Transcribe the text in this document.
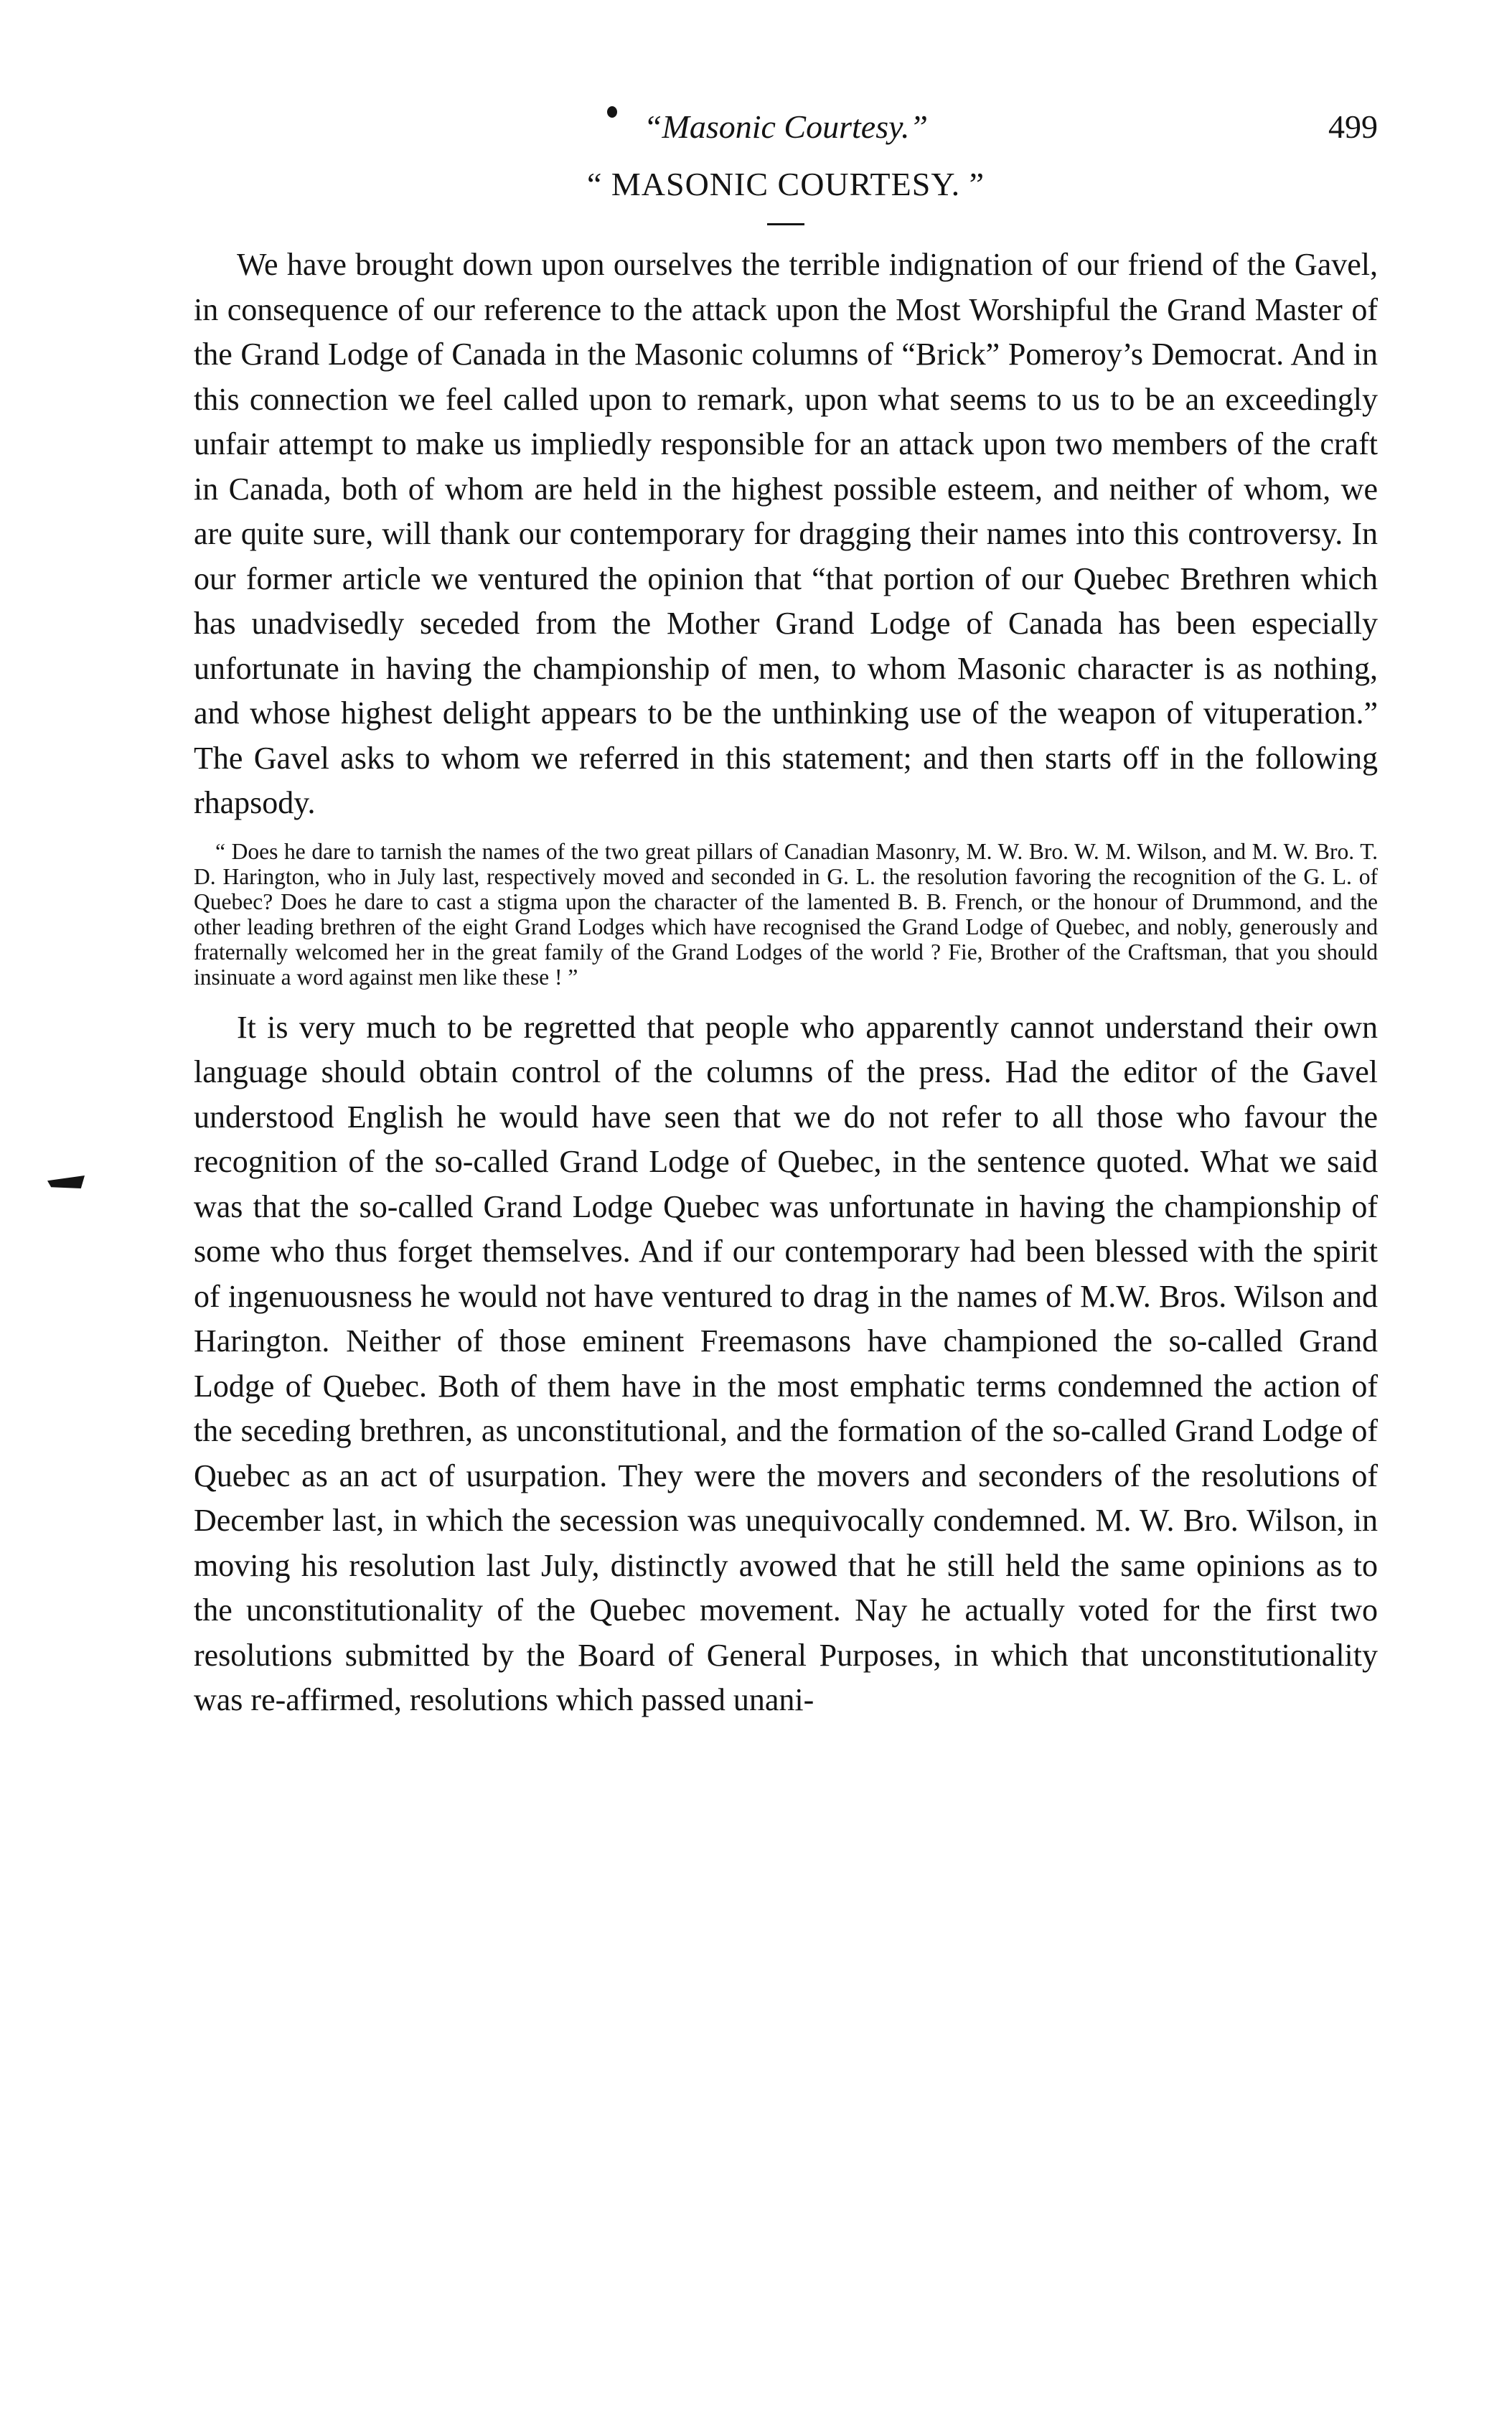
“Masonic Courtesy.”	499
“ MASONIC COURTESY. ”

We have brought down upon ourselves the terrible indignation of our friend of the Gavel, in consequence of our reference to the attack upon the Most Worshipful the Grand Master of the Grand Lodge of Canada in the Masonic columns of “Brick” Pomeroy’s Democrat. And in this connection we feel called upon to remark, upon what seems to us to be an exceedingly unfair attempt to make us impliedly responsible for an attack upon two members of the craft in Canada, both of whom are held in the highest possible esteem, and neither of whom, we are quite sure, will thank our contemporary for dragging their names into this controversy. In our former article we ventured the opinion that “that portion of our Quebec Brethren which has unadvisedly seceded from the Mother Grand Lodge of Canada has been especially unfortunate in having the championship of men, to whom Masonic character is as nothing, and whose highest delight appears to be the unthinking use of the weapon of vituperation.” The Gavel asks to whom we referred in this statement; and then starts off in the following rhapsody.

“ Does he dare to tarnish the names of the two great pillars of Canadian Masonry, M. W. Bro. W. M. Wilson, and M. W. Bro. T. D. Harington, who in July last, respectively moved and seconded in G. L. the resolution favoring the recognition of the G. L. of Quebec? Does he dare to cast a stigma upon the character of the lamented B. B. French, or the honour of Drummond, and the other leading brethren of the eight Grand Lodges which have recognised the Grand Lodge of Quebec, and nobly, generously and fraternally welcomed her in the great family of the Grand Lodges of the world ? Fie, Brother of the Craftsman, that you should insinuate a word against men like these ! ”

It is very much to be regretted that people who apparently cannot understand their own language should obtain control of the columns of the press. Had the editor of the Gavel understood English he would have seen that we do not refer to all those who favour the recognition of the so-called Grand Lodge of Quebec, in the sentence quoted. What we said was that the so-called Grand Lodge Quebec was unfortunate in having the championship of some who thus forget themselves. And if our contemporary had been blessed with the spirit of ingenuousness he would not have ventured to drag in the names of M.W. Bros. Wilson and Harington. Neither of those eminent Freemasons have championed the so-called Grand Lodge of Quebec. Both of them have in the most emphatic terms condemned the action of the seceding brethren, as unconstitutional, and the formation of the so-called Grand Lodge of Quebec as an act of usurpation. They were the movers and seconders of the resolutions of December last, in which the secession was unequivocally condemned. M. W. Bro. Wilson, in moving his resolution last July, distinctly avowed that he still held the same opinions as to the unconstitutionality of the Quebec movement. Nay he actually voted for the first two resolutions submitted by the Board of General Purposes, in which that unconstitutionality was re-affirmed, resolutions which passed unani-
